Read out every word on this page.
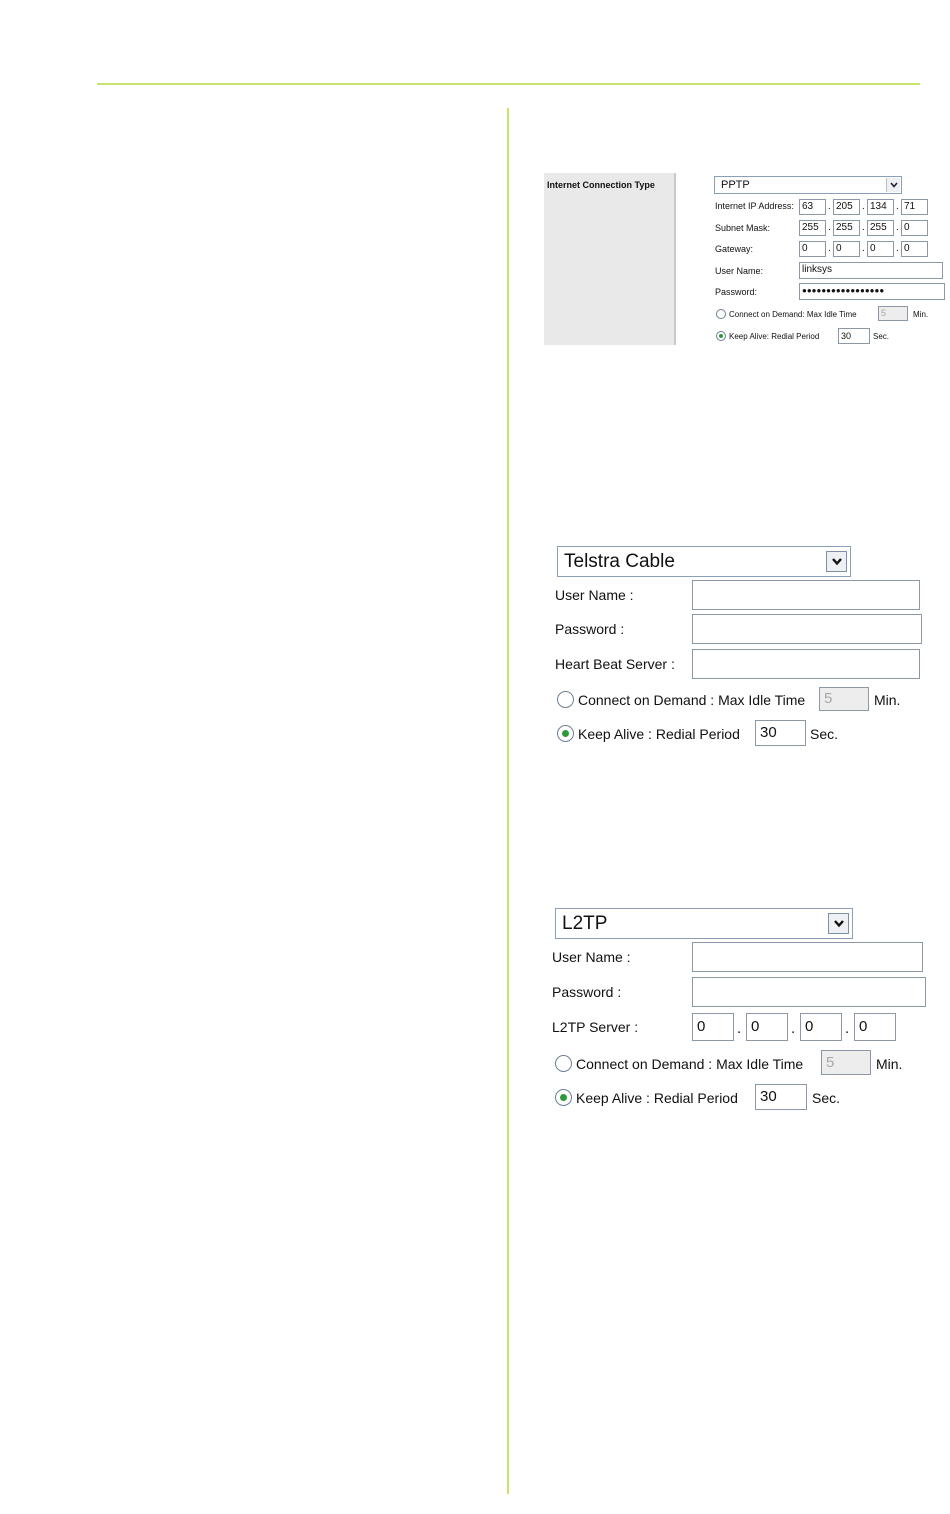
Internet Connection Type	PPTP
Internet IP Address: 63	. 205 . 134 . 71
Subnet Mask:	255 . 255 . 255 . 0
Gateway:	0	. 0	. 0	. 0
User Name:	linksys
Password:	●●●●●●●●●●●●●●●●●
Connect on Demand: Max Idle Time	5	Min.
Keep Alive: Redial Period	30	Sec.
Telstra Cable
User Name :
Password :
Heart Beat Server :
Connect on Demand : Max Idle Time	5	Min.
Keep Alive : Redial Period	30	Sec.
L2TP
User Name :
Password :
L2TP Server :	0	. 0	. 0	. 0
Connect on Demand : Max Idle Time	5	Min.
Keep Alive : Redial Period	30	Sec.
